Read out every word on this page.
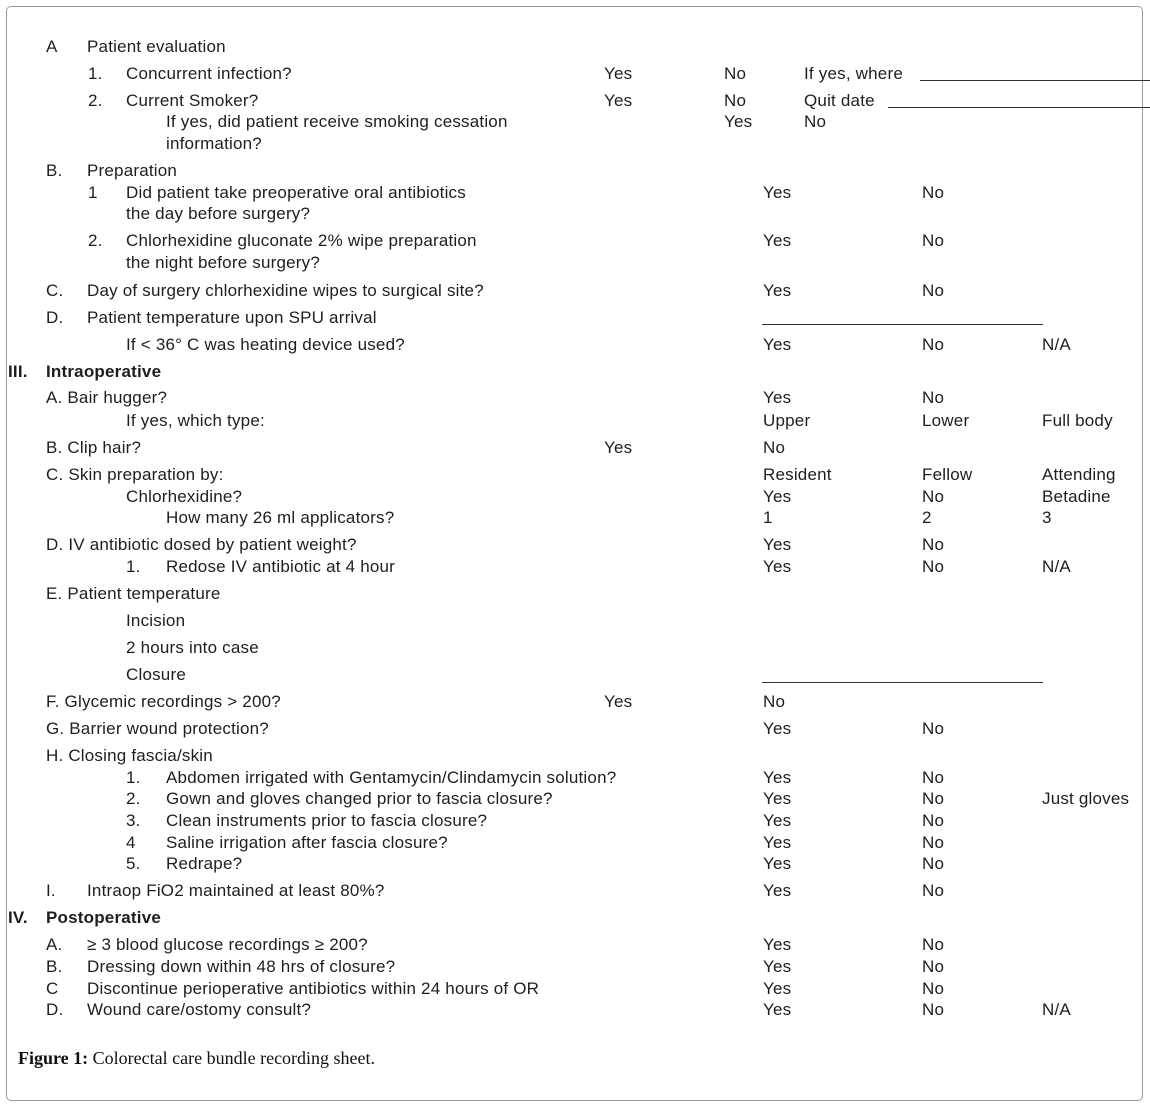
A Patient evaluation
1. Concurrent infection?	Yes	No	If yes, where
2. Current Smoker?	Yes	No	Quit date
If yes, did patient receive smoking cessation	Yes	No
information?
B. Preparation
1 Did patient take preoperative oral antibiotics	Yes	No
the day before surgery?
2. Chlorhexidine gluconate 2% wipe preparation	Yes	No
the night before surgery?
C. Day of surgery chlorhexidine wipes to surgical site?	Yes	No
D. Patient temperature upon SPU arrival
If < 36° C was heating device used?	Yes	No	N/A
III. Intraoperative
A. Bair hugger?	Yes	No
If yes, which type:	Upper	Lower	Full body
B. Clip hair?	Yes	No
C. Skin preparation by:	Resident	Fellow	Attending
Chlorhexidine?	Yes	No	Betadine
How many 26 ml applicators?	1	2	3
D. IV antibiotic dosed by patient weight?	Yes	No
1. Redose IV antibiotic at 4 hour	Yes	No	N/A
E. Patient temperature
Incision
2 hours into case
Closure
F. Glycemic recordings > 200?	Yes	No
G. Barrier wound protection?	Yes	No
H. Closing fascia/skin
1. Abdomen irrigated with Gentamycin/Clindamycin solution?	Yes	No
2. Gown and gloves changed prior to fascia closure?	Yes	No	Just gloves
3. Clean instruments prior to fascia closure?	Yes	No
4 Saline irrigation after fascia closure?	Yes	No
5. Redrape?	Yes	No
I. Intraop FiO2 maintained at least 80%?	Yes	No
IV. Postoperative
A. ≥ 3 blood glucose recordings ≥ 200?	Yes	No
B. Dressing down within 48 hrs of closure?	Yes	No
C Discontinue perioperative antibiotics within 24 hours of OR	Yes	No
D. Wound care/ostomy consult?	Yes	No	N/A
Figure 1: Colorectal care bundle recording sheet.
